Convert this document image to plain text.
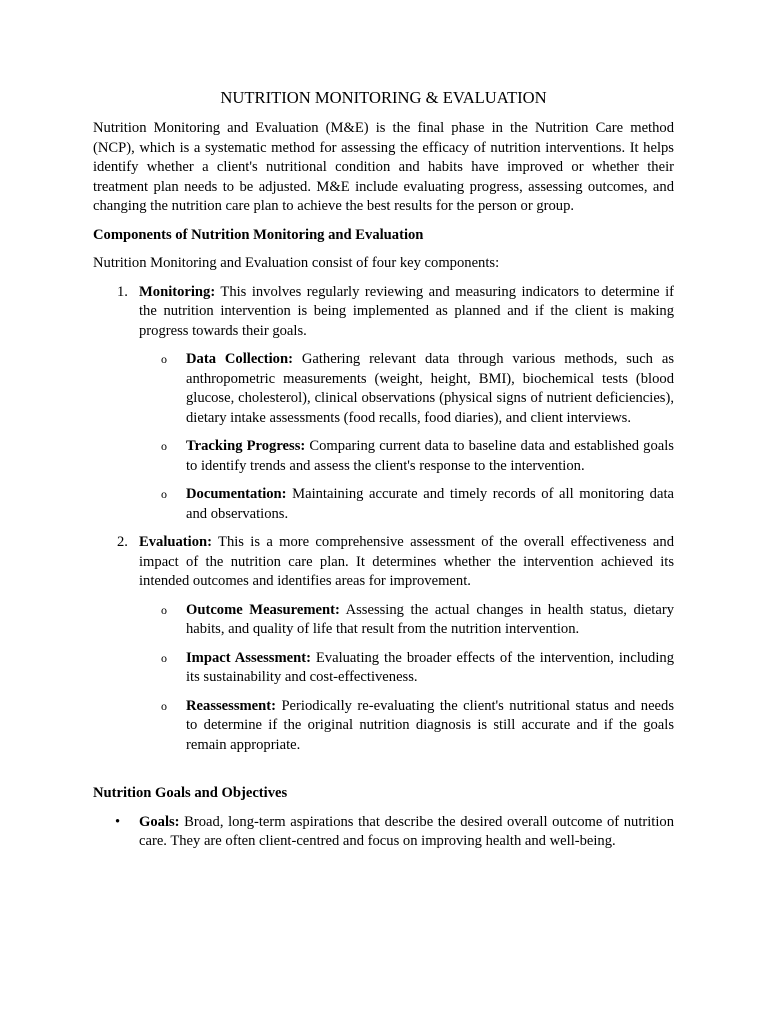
NUTRITION MONITORING & EVALUATION

Nutrition Monitoring and Evaluation (M&E) is the final phase in the Nutrition Care method (NCP), which is a systematic method for assessing the efficacy of nutrition interventions. It helps identify whether a client's nutritional condition and habits have improved or whether their treatment plan needs to be adjusted. M&E include evaluating progress, assessing outcomes, and changing the nutrition care plan to achieve the best results for the person or group.

Components of Nutrition Monitoring and Evaluation

Nutrition Monitoring and Evaluation consist of four key components:

1. Monitoring: This involves regularly reviewing and measuring indicators to determine if the nutrition intervention is being implemented as planned and if the client is making progress towards their goals.

o Data Collection: Gathering relevant data through various methods, such as anthropometric measurements (weight, height, BMI), biochemical tests (blood glucose, cholesterol), clinical observations (physical signs of nutrient deficiencies), dietary intake assessments (food recalls, food diaries), and client interviews.
o Tracking Progress: Comparing current data to baseline data and established goals to identify trends and assess the client's response to the intervention.
o Documentation: Maintaining accurate and timely records of all monitoring data and observations.
2. Evaluation: This is a more comprehensive assessment of the overall effectiveness and impact of the nutrition care plan. It determines whether the intervention achieved its intended outcomes and identifies areas for improvement.

o Outcome Measurement: Assessing the actual changes in health status, dietary habits, and quality of life that result from the nutrition intervention.
o Impact Assessment: Evaluating the broader effects of the intervention, including its sustainability and cost-effectiveness.
o Reassessment: Periodically re-evaluating the client's nutritional status and needs to determine if the original nutrition diagnosis is still accurate and if the goals remain appropriate.

Nutrition Goals and Objectives

• Goals: Broad, long-term aspirations that describe the desired overall outcome of nutrition care. They are often client-centred and focus on improving health and well-being.
